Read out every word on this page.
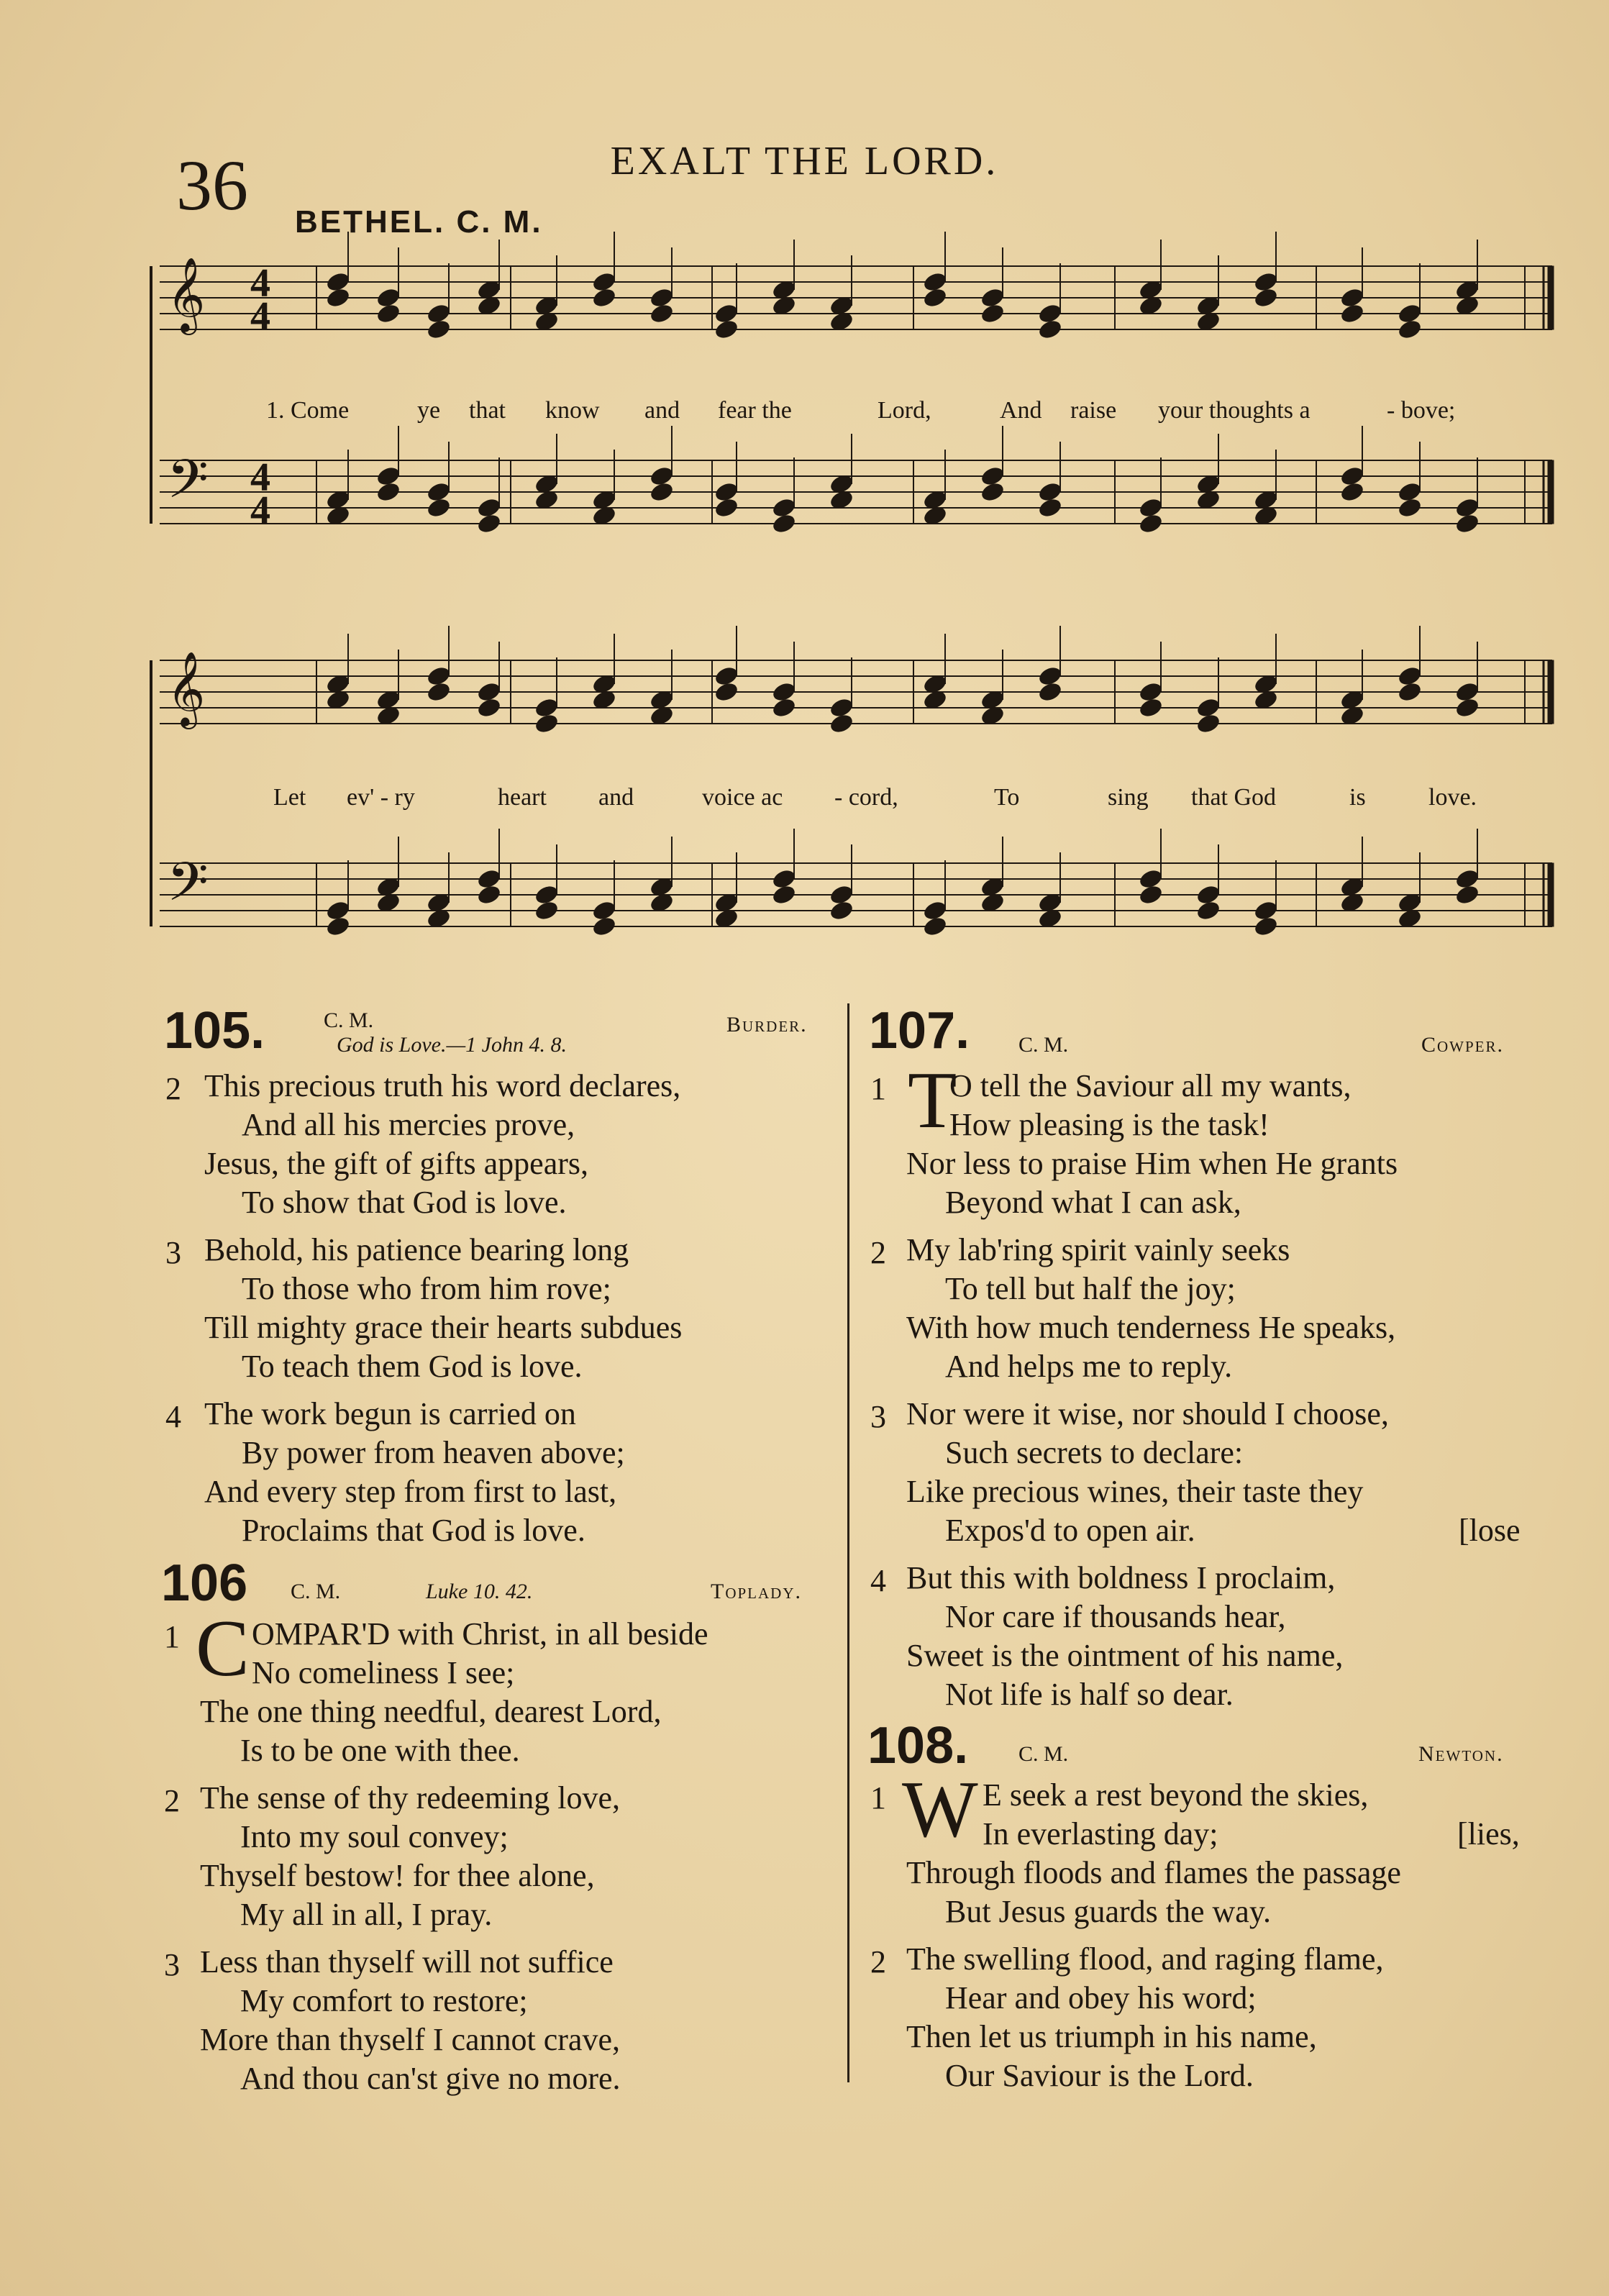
36	EXALT THE LORD.
BETHEL. C. M.
𝄞
𝄢
𝄞
𝄢
4
4
4
4
1. Come	ye that know and fear the	Lord,	And raise your thoughts a	- bove;
Let ev' - ry	heart and	voice ac - cord,	To	sing that God	is	love.
105.	C. M.
God is Love.—1 John 4. 8.
Burder.
2 This precious truth his word declares,
And all his mercies prove,
Jesus, the gift of gifts appears,
To show that God is love.
3 Behold, his patience bearing long
To those who from him rove;
Till mighty grace their hearts subdues
To teach them God is love.
4 The work begun is carried on
By power from heaven above;
And every step from first to last,
Proclaims that God is love.
106 C. M.	Luke 10. 42.	Toplady.
1 C OMPAR'D with Christ, in all beside
No comeliness I see;
The one thing needful, dearest Lord,
Is to be one with thee.
2 The sense of thy redeeming love,
Into my soul convey;
Thyself bestow! for thee alone,
My all in all, I pray.
3 Less than thyself will not suffice
My comfort to restore;
More than thyself I cannot crave,
And thou can'st give no more.
107. C. M.	Cowper.
1 T
O tell the Saviour all my wants,
How pleasing is the task!
Nor less to praise Him when He grants
Beyond what I can ask,
2 My lab'ring spirit vainly seeks
To tell but half the joy;
With how much tenderness He speaks,
And helps me to reply.
3 Nor were it wise, nor should I choose,
Such secrets to declare:
Like precious wines, their taste they
Expos'd to open air.	[lose
4 But this with boldness I proclaim,
Nor care if thousands hear,
Sweet is the ointment of his name,
Not life is half so dear.
108. C. M.	Newton.
1 W E seek a rest beyond the skies,
In everlasting day;	[lies,
Through floods and flames the passage
But Jesus guards the way.
2 The swelling flood, and raging flame,
Hear and obey his word;
Then let us triumph in his name,
Our Saviour is the Lord.
